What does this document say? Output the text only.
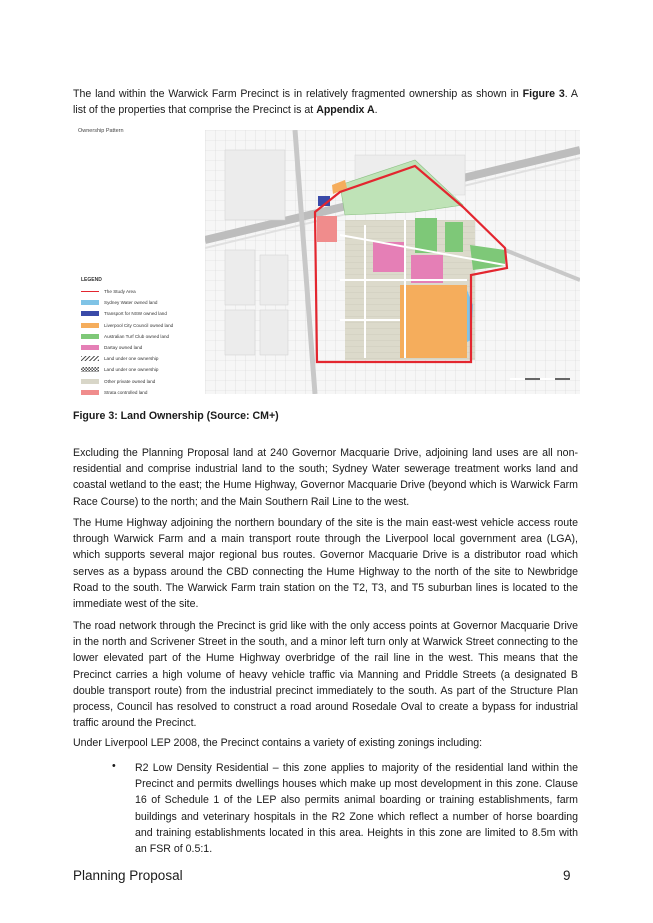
The land within the Warwick Farm Precinct is in relatively fragmented ownership as shown in Figure 3. A list of the properties that comprise the Precinct is at Appendix A.

Ownership Pattern
LEGEND
The Study Area
Sydney Water owned land
Transport for NSW owned land
Liverpool City Council owned land
Australian Turf Club owned land
Dartay owned land
Land under one ownership
Land under one ownership
Other private owned land
Strata controlled land
Figure 3: Land Ownership (Source: CM+)

Excluding the Planning Proposal land at 240 Governor Macquarie Drive, adjoining land uses are all non-residential and comprise industrial land to the south; Sydney Water sewerage treatment works land and coastal wetland to the east; the Hume Highway, Governor Macquarie Drive (beyond which is Warwick Farm Race Course) to the north; and the Main Southern Rail Line to the west.

The Hume Highway adjoining the northern boundary of the site is the main east-west vehicle access route through Warwick Farm and a main transport route through the Liverpool local government area (LGA), which supports several major regional bus routes. Governor Macquarie Drive is a distributor road which serves as a bypass around the CBD connecting the Hume Highway to the north of the site to Newbridge Road to the south. The Warwick Farm train station on the T2, T3, and T5 suburban lines is located to the immediate west of the site.

The road network through the Precinct is grid like with the only access points at Governor Macquarie Drive in the north and Scrivener Street in the south, and a minor left turn only at Warwick Street connecting to the lower elevated part of the Hume Highway overbridge of the rail line in the west. This means that the Precinct carries a high volume of heavy vehicle traffic via Manning and Priddle Streets (a designated B double transport route) from the industrial precinct immediately to the south. As part of the Structure Plan process, Council has resolved to construct a road around Rosedale Oval to create a bypass for industrial traffic around the Precinct.

Under Liverpool LEP 2008, the Precinct contains a variety of existing zonings including:

• R2 Low Density Residential – this zone applies to majority of the residential land within the Precinct and permits dwellings houses which make up most development in this zone. Clause 16 of Schedule 1 of the LEP also permits animal boarding or training establishments, farm buildings and veterinary hospitals in the R2 Zone which reflect a number of horse boarding and training establishments located in this area. Heights in this zone are limited to 8.5m with an FSR of 0.5:1.

Planning Proposal	9
